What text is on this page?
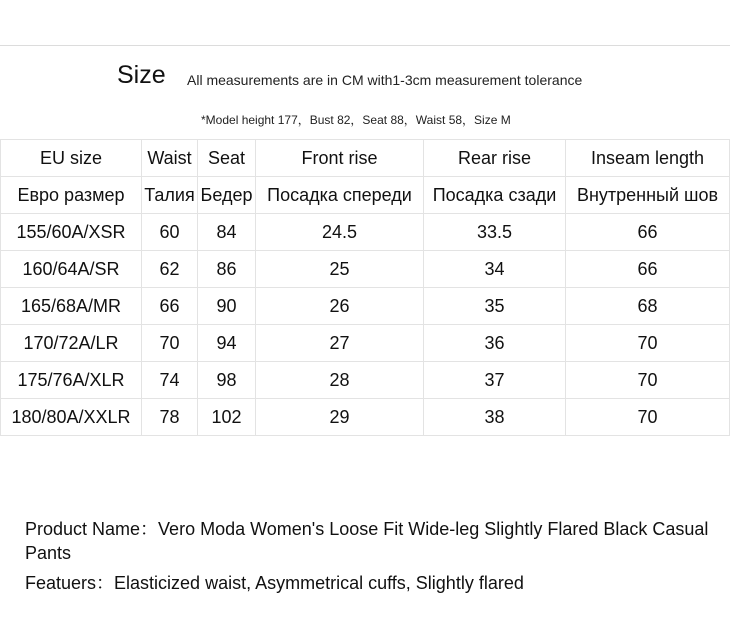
Size All measurements are in CM with1-3cm measurement tolerance
*Model height 177，Bust 82，Seat 88，Waist 58，Size M
EU size	Waist	Seat	Front rise	Rear rise	Inseam length
Евро размер	Талия	Бедер	Посадка спереди	Посадка сзади	Внутренный шов
155/60A/XSR	60	84	24.5	33.5	66
160/64A/SR	62	86	25	34	66
165/68A/MR	66	90	26	35	68
170/72A/LR	70	94	27	36	70
175/76A/XLR	74	98	28	37	70
180/80A/XXLR	78	102	29	38	70
Product Name：Vero Moda Women's Loose Fit Wide-leg Slightly Flared Black Casual Pants
Featuers：Elasticized waist, Asymmetrical cuffs, Slightly flared
